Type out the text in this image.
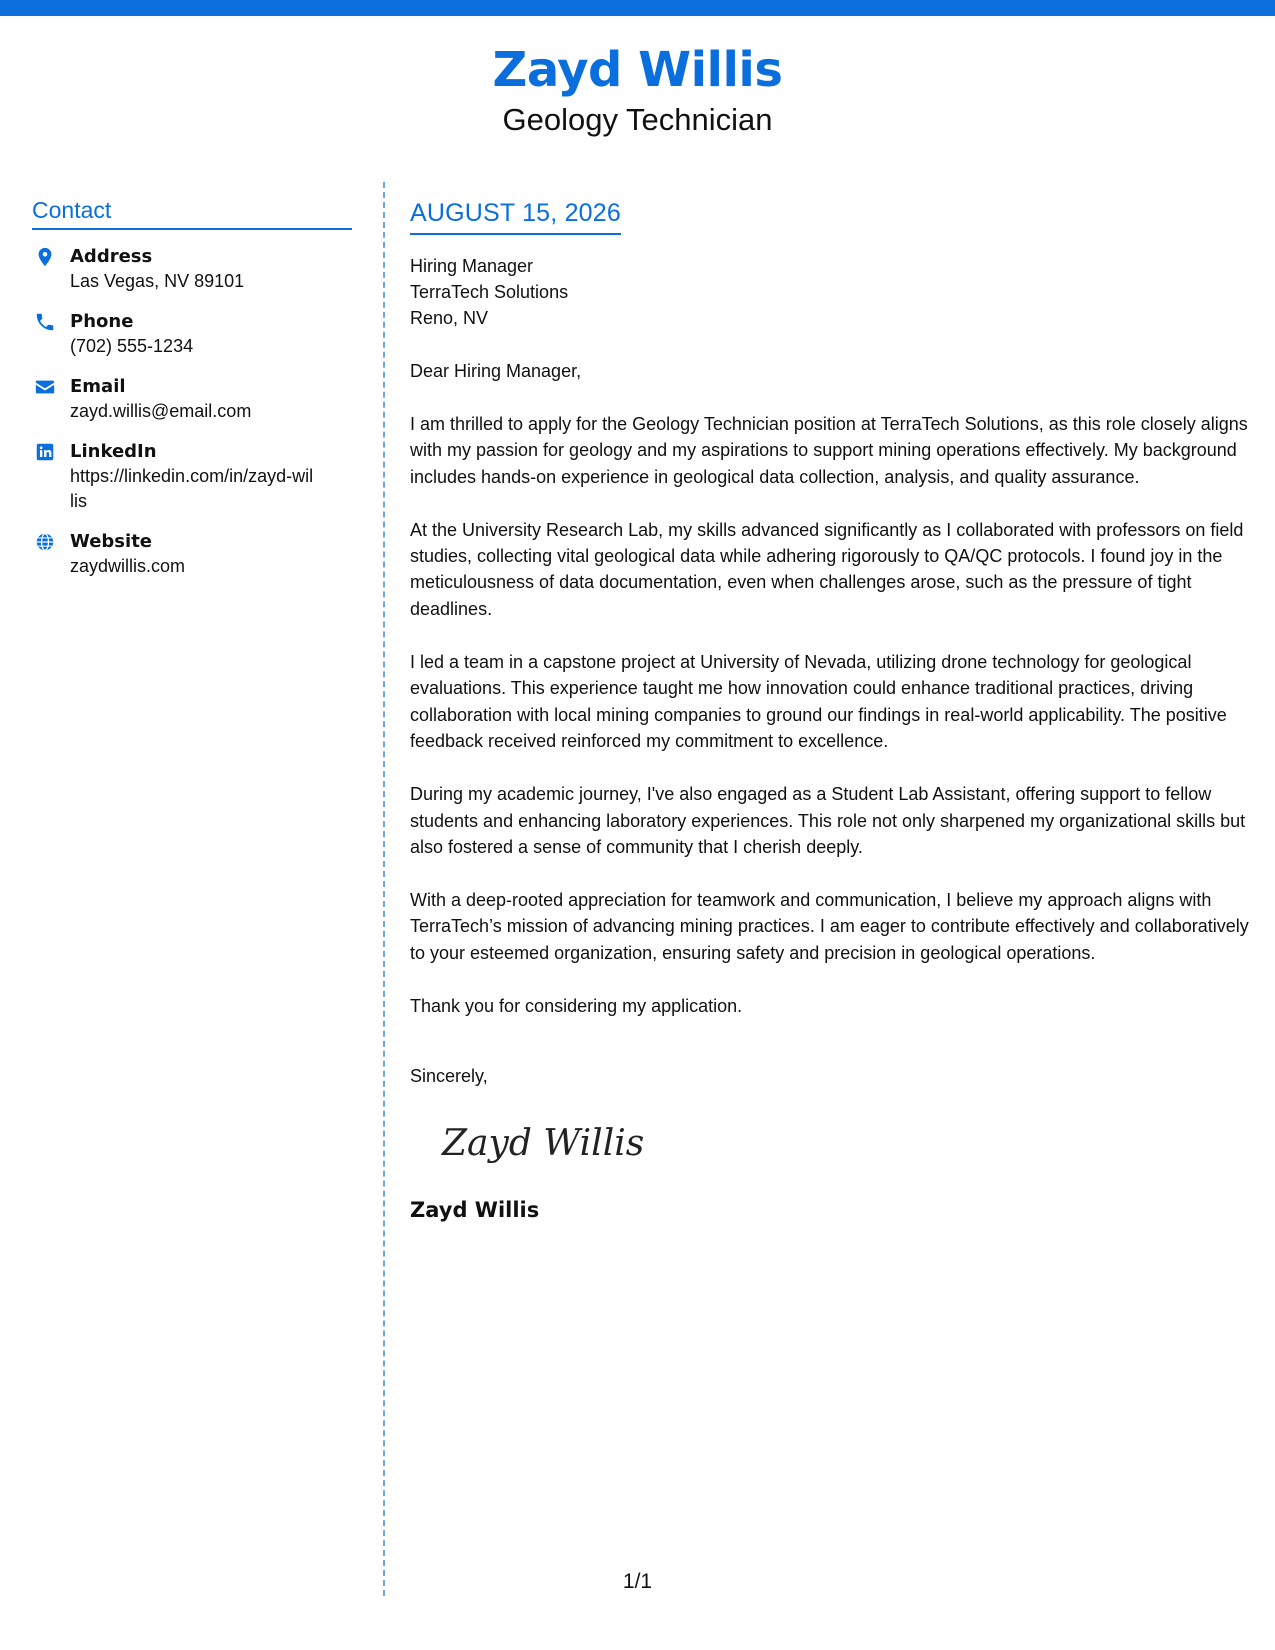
Zayd Willis
Geology Technician
Contact
Address
Las Vegas, NV 89101
Phone
(702) 555-1234
Email
zayd.willis@email.com
LinkedIn
https://linkedin.com/in/zayd-willis
Website
zaydwillis.com
AUGUST 15, 2026
Hiring Manager
TerraTech Solutions
Reno, NV
Dear Hiring Manager,
I am thrilled to apply for the Geology Technician position at TerraTech Solutions, as this role closely aligns with my passion for geology and my aspirations to support mining operations effectively. My background includes hands-on experience in geological data collection, analysis, and quality assurance.
At the University Research Lab, my skills advanced significantly as I collaborated with professors on field studies, collecting vital geological data while adhering rigorously to QA/QC protocols. I found joy in the meticulousness of data documentation, even when challenges arose, such as the pressure of tight deadlines.
I led a team in a capstone project at University of Nevada, utilizing drone technology for geological evaluations. This experience taught me how innovation could enhance traditional practices, driving collaboration with local mining companies to ground our findings in real-world applicability. The positive feedback received reinforced my commitment to excellence.
During my academic journey, I've also engaged as a Student Lab Assistant, offering support to fellow students and enhancing laboratory experiences. This role not only sharpened my organizational skills but also fostered a sense of community that I cherish deeply.
With a deep-rooted appreciation for teamwork and communication, I believe my approach aligns with TerraTech’s mission of advancing mining practices. I am eager to contribute effectively and collaboratively to your esteemed organization, ensuring safety and precision in geological operations.
Thank you for considering my application.
Sincerely,
Zayd Willis
Zayd Willis
1/1
